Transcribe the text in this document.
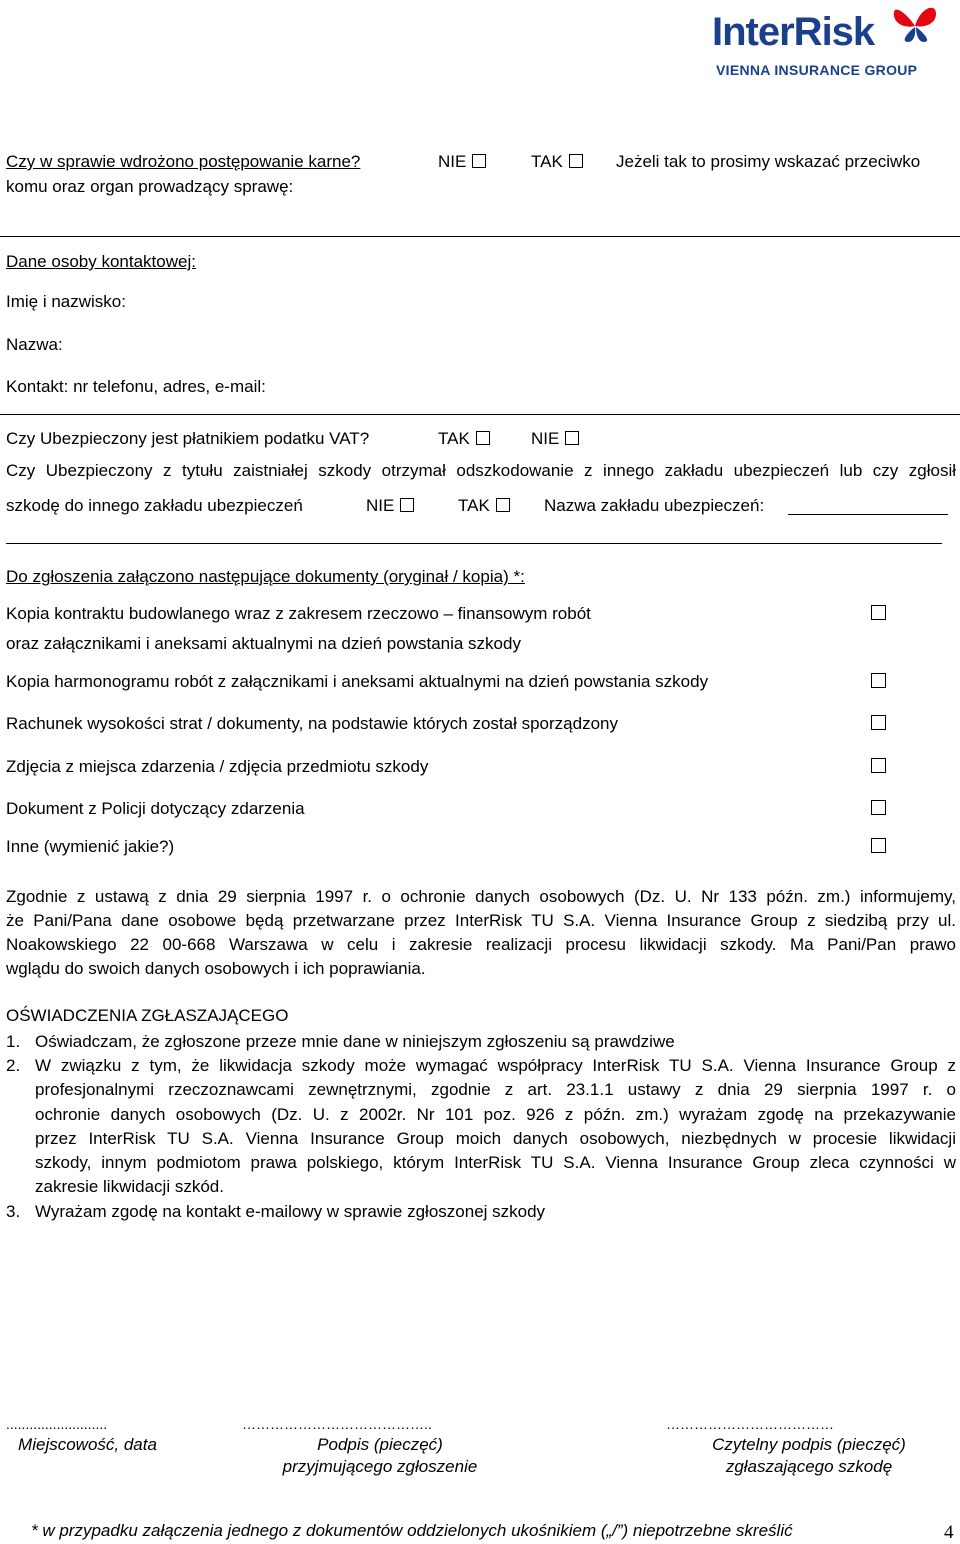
InterRisk Towarzystwo Ubezpieczeń S.A.
Vienna Insurance Group	InterRisk
VIENNA INSURANCE GROUP
Czy w sprawie wdrożono postępowanie karne?	NIE	TAK	Jeżeli tak to prosimy wskazać przeciwko
komu oraz organ prowadzący sprawę:
Dane osoby kontaktowej:
Imię i nazwisko:
Nazwa:
Kontakt: nr telefonu, adres, e-mail:
Czy Ubezpieczony jest płatnikiem podatku VAT?	TAK	NIE
Czy Ubezpieczony z tytułu zaistniałej szkody otrzymał odszkodowanie z innego zakładu ubezpieczeń lub czy zgłosił
szkodę do innego zakładu ubezpieczeń	NIE	TAK	Nazwa zakładu ubezpieczeń:
Do zgłoszenia załączono następujące dokumenty (oryginał / kopia) *:
Kopia kontraktu budowlanego wraz z zakresem rzeczowo – finansowym robót
oraz załącznikami i aneksami aktualnymi na dzień powstania szkody
Kopia harmonogramu robót z załącznikami i aneksami aktualnymi na dzień powstania szkody
Rachunek wysokości strat / dokumenty, na podstawie których został sporządzony
Zdjęcia z miejsca zdarzenia / zdjęcia przedmiotu szkody
Dokument z Policji dotyczący zdarzenia
Inne (wymienić jakie?)
Zgodnie z ustawą z dnia 29 sierpnia 1997 r. o ochronie danych osobowych (Dz. U. Nr 133 późn. zm.) informujemy,
że Pani/Pana dane osobowe będą przetwarzane przez InterRisk TU S.A. Vienna Insurance Group z siedzibą przy ul.
Noakowskiego 22 00-668 Warszawa w celu i zakresie realizacji procesu likwidacji szkody. Ma Pani/Pan prawo
wglądu do swoich danych osobowych i ich poprawiania.
OŚWIADCZENIA ZGŁASZAJĄCEGO
1. Oświadczam, że zgłoszone przeze mnie dane w niniejszym zgłoszeniu są prawdziwe
2. W związku z tym, że likwidacja szkody może wymagać współpracy InterRisk TU S.A. Vienna Insurance Group z
profesjonalnymi rzeczoznawcami zewnętrznymi, zgodnie z art. 23.1.1 ustawy z dnia 29 sierpnia 1997 r. o
ochronie danych osobowych (Dz. U. z 2002r. Nr 101 poz. 926 z późn. zm.) wyrażam zgodę na przekazywanie
przez InterRisk TU S.A. Vienna Insurance Group moich danych osobowych, niezbędnych w procesie likwidacji
szkody, innym podmiotom prawa polskiego, którym InterRisk TU S.A. Vienna Insurance Group zleca czynności w
zakresie likwidacji szkód.
3. Wyrażam zgodę na kontakt e-mailowy w sprawie zgłoszonej szkody
..........................
Miejscowość, data
…………………………………..
Podpis (pieczęć)
przyjmującego zgłoszenie
………………………………
Czytelny podpis (pieczęć)
zgłaszającego szkodę
* w przypadku załączenia jednego z dokumentów oddzielonych ukośnikiem („/”) niepotrzebne skreślić	4
